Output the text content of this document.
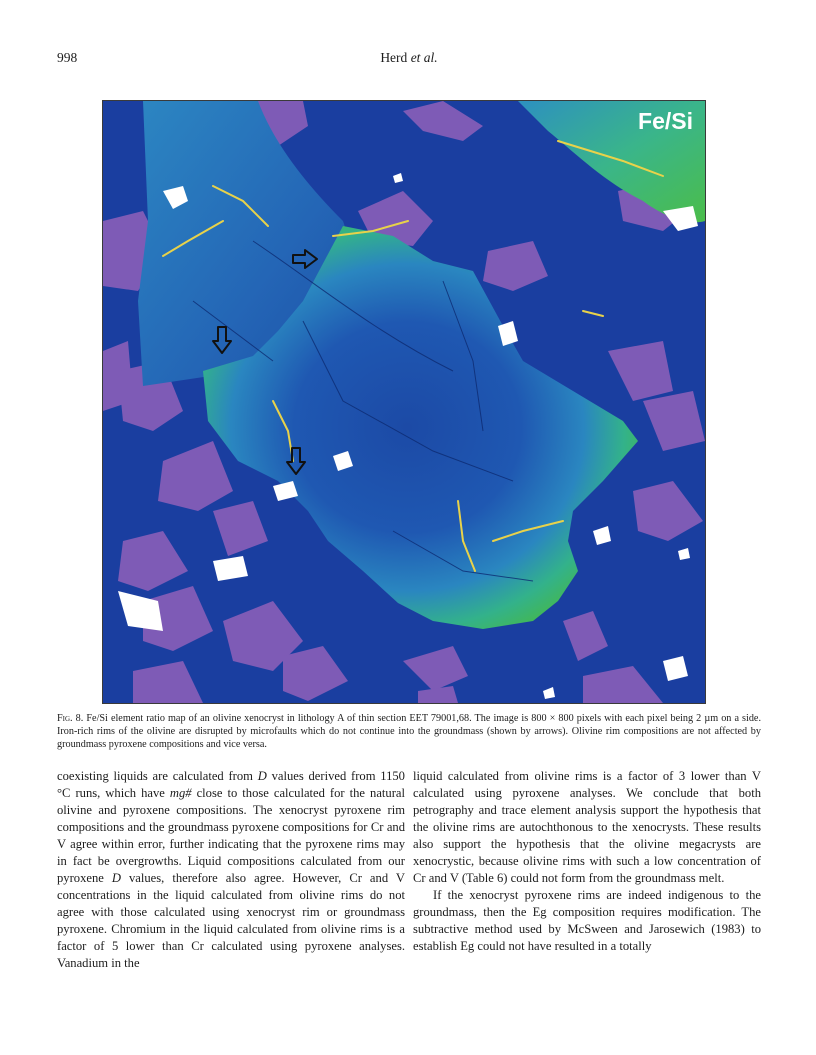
998	Herd et al.
Fe/Si
Fig. 8. Fe/Si element ratio map of an olivine xenocryst in lithology A of thin section EET 79001,68. The image is 800 × 800 pixels with each pixel being 2 µm on a side. Iron-rich rims of the olivine are disrupted by microfaults which do not continue into the groundmass (shown by arrows). Olivine rim compositions are not affected by groundmass pyroxene compositions and vice versa.

coexisting liquids are calculated from D values derived from 1150 °C runs, which have mg# close to those calculated for the natural olivine and pyroxene compositions. The xenocryst pyroxene rim compositions and the groundmass pyroxene compositions for Cr and V agree within error, further indicating that the pyroxene rims may in fact be overgrowths. Liquid compositions calculated from our pyroxene D values, therefore also agree. However, Cr and V concentrations in the liquid calculated from olivine rims do not agree with those calculated using xenocryst rim or groundmass pyroxene. Chromium in the liquid calculated from olivine rims is a factor of 5 lower than Cr calculated using pyroxene analyses. Vanadium in the

liquid calculated from olivine rims is a factor of 3 lower than V calculated using pyroxene analyses. We conclude that both petrography and trace element analysis support the hypothesis that the olivine rims are autochthonous to the xenocrysts. These results also support the hypothesis that the olivine megacrysts are xenocrystic, because olivine rims with such a low concentration of Cr and V (Table 6) could not form from the groundmass melt.

If the xenocryst pyroxene rims are indeed indigenous to the groundmass, then the Eg composition requires modification. The subtractive method used by McSween and Jarosewich (1983) to establish Eg could not have resulted in a totally
